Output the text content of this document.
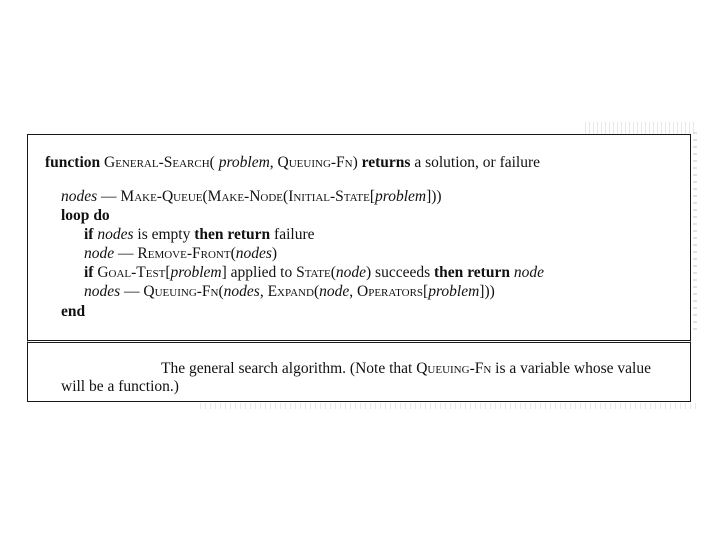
function General-Search( problem, Queuing-Fn) returns a solution, or failure
nodes — Make-Queue(Make-Node(Initial-State[problem]))
loop do
if nodes is empty then return failure
node — Remove-Front(nodes)
if Goal-Test[problem] applied to State(node) succeeds then return node
nodes — Queuing-Fn(nodes, Expand(node, Operators[problem]))
end
The general search algorithm. (Note that Queuing-Fn is a variable whose value
will be a function.)
